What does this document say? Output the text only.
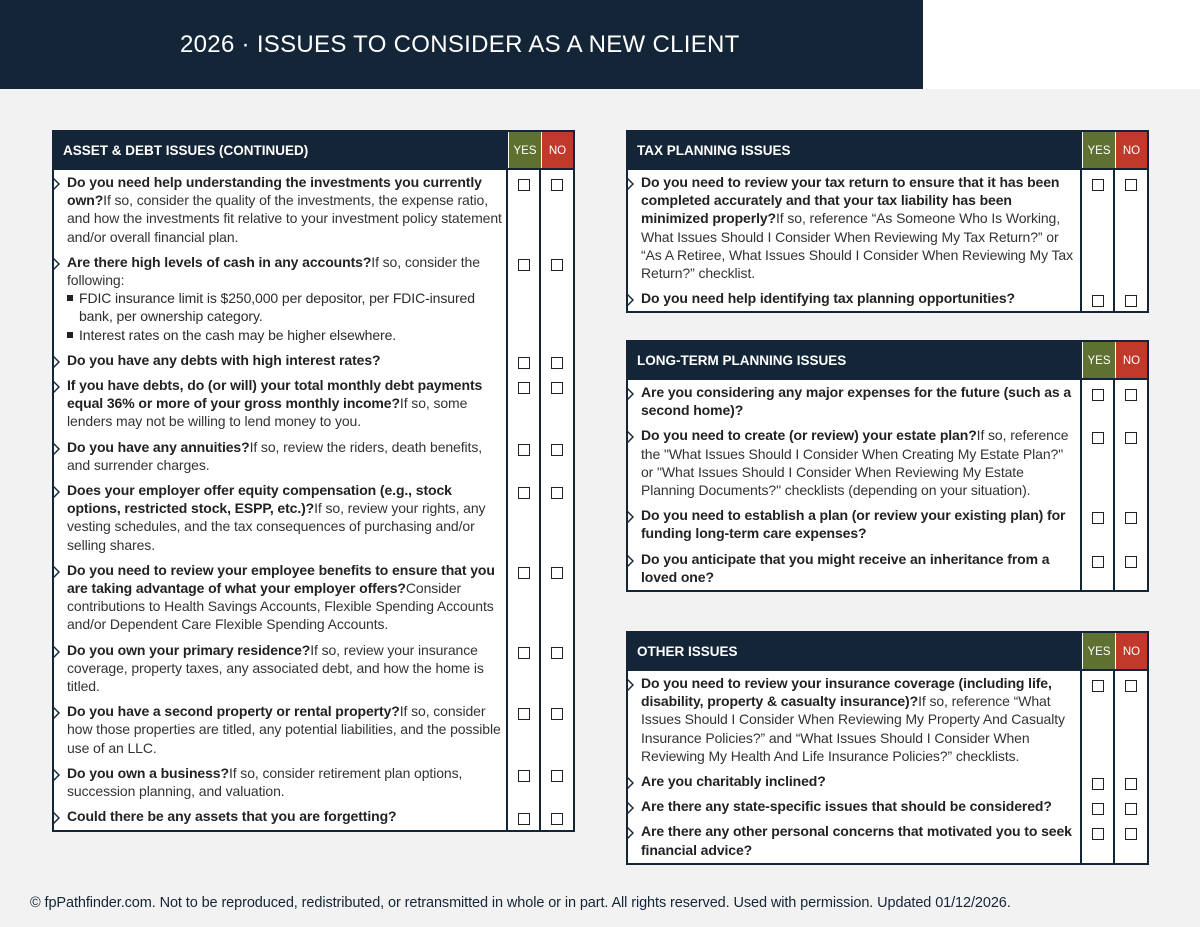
2026 · ISSUES TO CONSIDER AS A NEW CLIENT
ASSET & DEBT ISSUES (CONTINUED)	YES	NO
Do you need help understanding the investments you currently own?If so, consider the quality of the investments, the expense ratio, and how the investments fit relative to your investment policy statement and/or overall financial plan.
Are there high levels of cash in any accounts?If so, consider the following:
FDIC insurance limit is $250,000 per depositor, per FDIC-insured bank, per ownership category.
Interest rates on the cash may be higher elsewhere.
Do you have any debts with high interest rates?
If you have debts, do (or will) your total monthly debt payments equal 36% or more of your gross monthly income?If so, some lenders may not be willing to lend money to you.
Do you have any annuities?If so, review the riders, death benefits, and surrender charges.
Does your employer offer equity compensation (e.g., stock options, restricted stock, ESPP, etc.)?If so, review your rights, any vesting schedules, and the tax consequences of purchasing and/or selling shares.
Do you need to review your employee benefits to ensure that you are taking advantage of what your employer offers?Consider contributions to Health Savings Accounts, Flexible Spending Accounts and/or Dependent Care Flexible Spending Accounts.
Do you own your primary residence?If so, review your insurance coverage, property taxes, any associated debt, and how the home is titled.
Do you have a second property or rental property?If so, consider how those properties are titled, any potential liabilities, and the possible use of an LLC.
Do you own a business?If so, consider retirement plan options, succession planning, and valuation.
Could there be any assets that you are forgetting?
TAX PLANNING ISSUES	YES	NO
Do you need to review your tax return to ensure that it has been completed accurately and that your tax liability has been minimized properly?If so, reference “As Someone Who Is Working, What Issues Should I Consider When Reviewing My Tax Return?” or “As A Retiree, What Issues Should I Consider When Reviewing My Tax Return?” checklist.
Do you need help identifying tax planning opportunities?
LONG-TERM PLANNING ISSUES	YES	NO
Are you considering any major expenses for the future (such as a second home)?
Do you need to create (or review) your estate plan?If so, reference the "What Issues Should I Consider When Creating My Estate Plan?" or "What Issues Should I Consider When Reviewing My Estate Planning Documents?" checklists (depending on your situation).
Do you need to establish a plan (or review your existing plan) for funding long-term care expenses?
Do you anticipate that you might receive an inheritance from a loved one?
OTHER ISSUES	YES	NO
Do you need to review your insurance coverage (including life, disability, property & casualty insurance)?If so, reference “What Issues Should I Consider When Reviewing My Property And Casualty Insurance Policies?” and “What Issues Should I Consider When Reviewing My Health And Life Insurance Policies?” checklists.
Are you charitably inclined?
Are there any state-specific issues that should be considered?
Are there any other personal concerns that motivated you to seek financial advice?
© fpPathfinder.com. Not to be reproduced, redistributed, or retransmitted in whole or in part. All rights reserved. Used with permission. Updated 01/12/2026.
